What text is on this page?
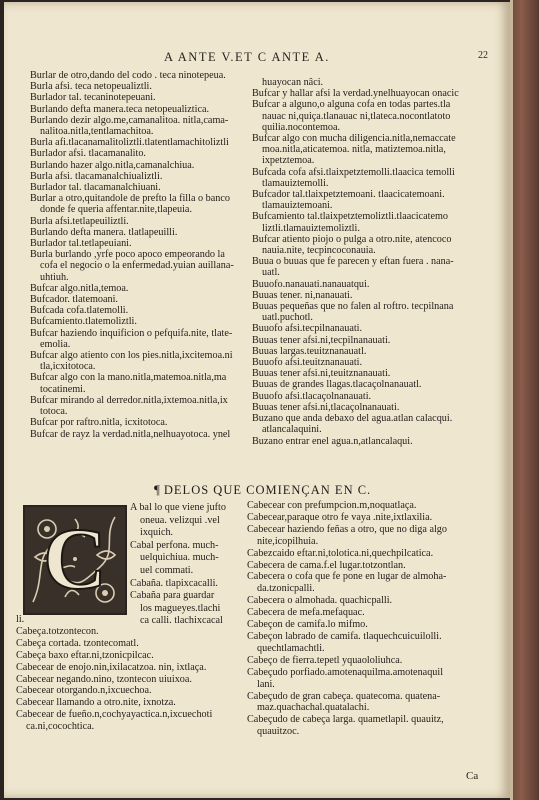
A ANTE V.ET C ANTE A.	22

Burlar de otro,dando del codo . teca ninotepeua.

Burla afsi. teca netopeualiztli.

Burlador tal. tecaninotepeuani.

Burlando defta manera.teca netopeualiztica.

Burlando dezir algo.me,camanalitoa. nitla,cama-

nalitoa.nitla,tentlamachitoa.

Burla afi.tlacanamalitoliztli.tlatentlamachitoliztli

Burlador afsi. tlacamanalito.

Burlando hazer algo.nitla,camanalchiua.

Burla afsi. tlacamanalchiualiztli.

Burlador tal. tlacamanalchiuani.

Burlar a otro,quitandole de prefto la filla o banco

donde fe queria affentar.nite,tlapeuia.

Burla afsi.tetlapeuiliztli.

Burlando defta manera. tlatlapeuilli.

Burlador tal.tetlapeuiani.

Burla burlando ,yrfe poco apoco empeorando la

cofa el negocio o la enfermedad.yuian auillana-

uhtiuh.

Bufcar algo.nitla,temoa.

Bufcador. tlatemoani.

Bufcada cofa.tlatemolli.

Bufcamiento.tlatemoliztli.

Bufcar haziendo inquificion o pefquifa.nite, tlate-

emolia.

Bufcar algo atiento con los pies.nitla,ixcitemoa.ni

tla,icxitotoca.

Bufcar algo con la mano.nitla,matemoa.nitla,ma

tocatinemi.

Bufcar mirando al derredor.nitla,ixtemoa.nitla,ix

totoca.

Bufcar por raftro.nitla, icxitotoca.

Bufcar de rayz la verdad.nitla,nelhuayotoca. ynel

huayocan nâci.

Bufcar y hallar afsi la verdad.ynelhuayocan onacic

Bufcar a alguno,o alguna cofa en todas partes.tla

nauac ni,quiça.tlanauac ni,tlateca.nocontlatoto

quilia.nocontemoa.

Bufcar algo con mucha diligencia.nitla,nemaccate

moa.nitla,aticatemoa. nitla, matiztemoa.nitla,

ixpetztemoa.

Bufcada cofa afsi.tlaixpetztemolli.tlaacica temolli

tlamauiztemolli.

Bufcador tal.tlaixpetztemoani. tlaacicatemoani.

tlamauiztemoani.

Bufcamiento tal.tlaixpetztemoliztli.tlaacicatemo

liztli.tlamauiztemoliztli.

Bufcar atiento piojo o pulga a otro.nite, atencoco

nauia.nite, tecpincoconauia.

Buua o buuas que fe parecen y eftan fuera . nana-

uatl.

Buuofo.nanauati.nanauatqui.

Buuas tener. ni,nanauati.

Buuas pequeñas que no falen al roftro. tecpilnana

uatl.puchotl.

Buuofo afsi.tecpilnanauati.

Buuas tener afsi.ni,tecpilnanauati.

Buuas largas.teuitznanauatl.

Buuofo afsi.teuitznanauati.

Buuas tener afsi.ni,teuitznanauati.

Buuas de grandes llagas.tlacaçolnanauatl.

Buuofo afsi.tlacaçolnanauati.

Buuas tener afsi.ni,tlacaçolnanauati.

Buzano que anda debaxo del agua.atlan calacqui.

atlancalaquini.

Buzano entrar enel agua.n,atlancalaqui.

¶ DELOS QUE COMIENÇAN EN C.
C

A bal lo que viene jufto

oneua. velizqui .vel

ixquich.

Cabal perfona. much-

uelquichiua. much-

uel commati.

Cabaña. tlapixcacalli.

Cabaña para guardar

los magueyes.tlachi

ca calli. tlachixcacal

li.

Cabeça.totzontecon.

Cabeça cortada. tzontecomatl.

Cabeça baxo eftar.ni,tzonicpilcac.

Cabecear de enojo.nin,ixilacatzoa. nin, ixtlaça.

Cabecear negando.nino, tzontecon uiuixoa.

Cabecear otorgando.n,ixcuechoa.

Cabecear llamando a otro.nite, ixnotza.

Cabecear de fueño.n,cochyayactica.n,ixcuechoti

ca.ni,cocochtica.

Cabecear con prefumpcion.m,noquatlaça.

Cabecear,paraque otro fe vaya .nite,ixtlaxilia.

Cabecear haziendo feñas a otro, que no diga algo

nite,icopilhuia.

Cabezcaido eftar.ni,tolotica.ni,quechpilcatica.

Cabecera de cama.f.el lugar.totzontlan.

Cabecera o cofa que fe pone en lugar de almoha-

da.tzonicpalli.

Cabecera o almohada. quachicpalli.

Cabecera de mefa.mefaquac.

Cabeçon de camifa.lo mifmo.

Cabeçon labrado de camifa. tlaquechcuicuilolli.

quechtlamachtli.

Cabeço de fierra.tepetl yquaololiuhca.

Cabeçudo porfiado.amotenaquilma.amotenaquil

lani.

Cabeçudo de gran cabeça. quatecoma. quatena-

maz.quachachal.quatalachi.

Cabeçudo de cabeça larga. quametlapil. quauitz,

quauitzoc.

Ca
